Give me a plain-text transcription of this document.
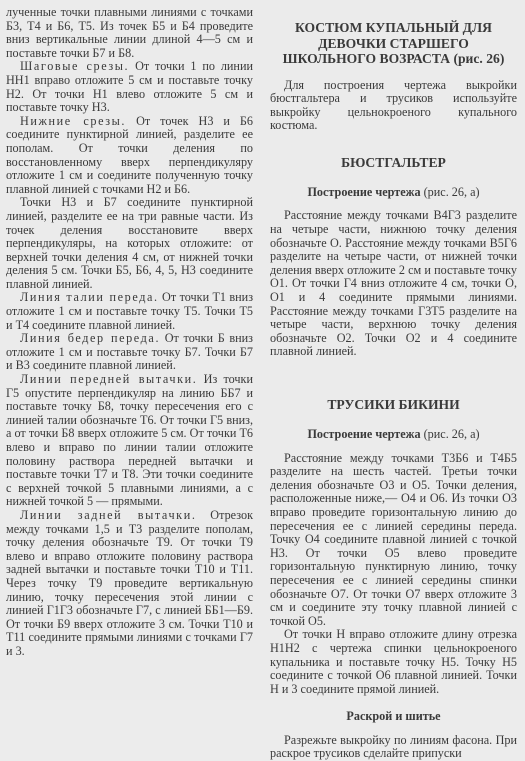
лученные точки плавными линиями с точками Б3, Т4 и Б6, Т5. Из точек Б5 и Б4 проведите вниз вертикальные линии длиной 4—5 см и поставьте точки Б7 и Б8.

Шаговые срезы. От точки 1 по линии НН1 вправо отложите 5 см и поставьте точку Н2. От точки Н1 влево отложите 5 см и поставьте точку Н3.

Нижние срезы. От точек Н3 и Б6 соедините пунктирной линией, разделите ее пополам. От точки деления по восстановленному вверх перпендикуляру отложите 1 см и соедините полученную точку плавной линией с точками Н2 и Б6.

Точки Н3 и Б7 соедините пунктирной линией, разделите ее на три равные части. Из точек деления восстановите вверх перпендикуляры, на которых отложите: от верхней точки деления 4 см, от нижней точки деления 5 см. Точки Б5, Б6, 4, 5, Н3 соедините плавной линией.

Линия талии переда. От точки Т1 вниз отложите 1 см и поставьте точку Т5. Точки Т5 и Т4 соедините плавной линией.

Линия бедер переда. От точки Б вниз отложите 1 см и поставьте точку Б7. Точки Б7 и В3 соедините плавной линией.

Линии передней вытачки. Из точки Г5 опустите перпендикуляр на линию ББ7 и поставьте точку Б8, точку пересечения его с линией талии обозначьте Т6. От точки Г5 вниз, а от точки Б8 вверх отложите 5 см. От точки Т6 влево и вправо по линии талии отложите половину раствора передней вытачки и поставьте точки Т7 и Т8. Эти точки соедините с верхней точкой 5 плавными линиями, а с нижней точкой 5 — прямыми.

Линии задней вытачки. Отрезок между точками 1,5 и Т3 разделите пополам, точку деления обозначьте Т9. От точки Т9 влево и вправо отложите половину раствора задней вытачки и поставьте точки Т10 и Т11. Через точку Т9 проведите вертикальную линию, точку пересечения этой линии с линией Г1Г3 обозначьте Г7, с линией ББ1—Б9. От точки Б9 вверх отложите 3 см. Точки Т10 и Т11 соедините прямыми линиями с точками Г7 и 3.

КОСТЮМ КУПАЛЬНЫЙ ДЛЯ ДЕВОЧКИ СТАРШЕГО ШКОЛЬНОГО ВОЗРАСТА (рис. 26)

Для построения чертежа выкройки бюстгальтера и трусиков используйте выкройку цельнокроеного купального костюма.

БЮСТГАЛЬТЕР
Построение чертежа (рис. 26, а)

Расстояние между точками В4Г3 разделите на четыре части, нижнюю точку деления обозначьте О. Расстояние между точками В5Г6 разделите на четыре части, от нижней точки деления вверх отложите 2 см и поставьте точку О1. От точки Г4 вниз отложите 4 см, точки О, О1 и 4 соедините прямыми линиями. Расстояние между точками Г3Т5 разделите на четыре части, верхнюю точку деления обозначьте О2. Точки О2 и 4 соедините плавной линией.

ТРУСИКИ БИКИНИ
Построение чертежа (рис. 26, а)

Расстояние между точками Т3Б6 и Т4Б5 разделите на шесть частей. Третьи точки деления обозначьте О3 и О5. Точки деления, расположенные ниже,— О4 и О6. Из точки О3 вправо проведите горизонтальную линию до пересечения ее с линией середины переда. Точку О4 соедините плавной линией с точкой Н3. От точки О5 влево проведите горизонтальную пунктирную линию, точку пересечения ее с линией середины спинки обозначьте О7. От точки О7 вверх отложите 3 см и соедините эту точку плавной линией с точкой О5.

От точки Н вправо отложите длину отрезка Н1Н2 с чертежа спинки цельнокроеного купальника и поставьте точку Н5. Точку Н5 соедините с точкой О6 плавной линией. Точки Н и 3 соедините прямой линией.

Раскрой и шитье

Разрежьте выкройку по линиям фасона. При раскрое трусиков сделайте припуски
